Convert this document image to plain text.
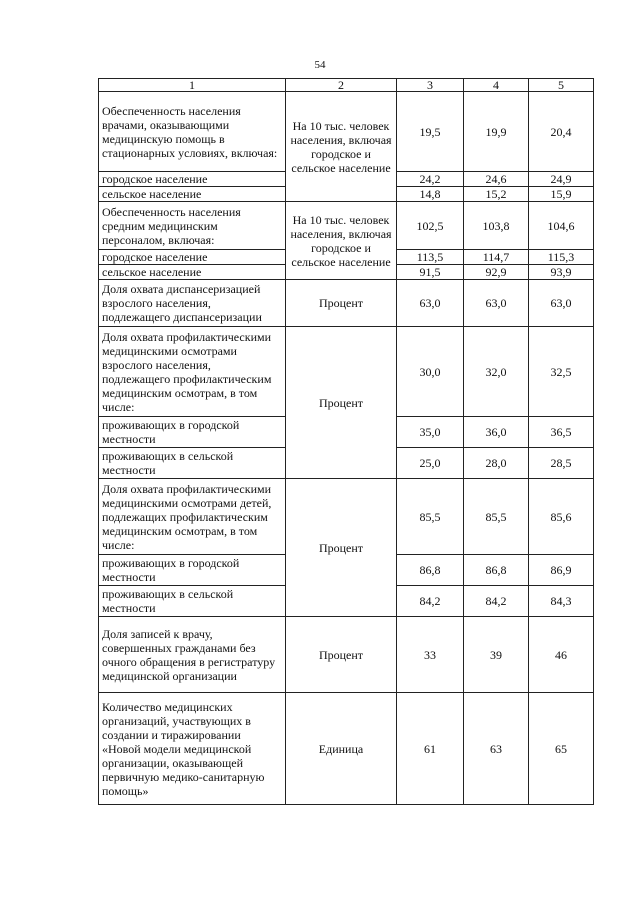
54
1	2	3	4	5
Обеспеченность населения врачами, оказывающими медицинскую помощь в стационарных условиях, включая:	На 10 тыс. человек населения, включая городское и сельское население	19,5	19,9	20,4
городское население		24,2	24,6	24,9
сельское население		14,8	15,2	15,9
Обеспеченность населения средним медицинским персоналом, включая:	На 10 тыс. человек населения, включая городское и сельское население	102,5	103,8	104,6
городское население		113,5	114,7	115,3
сельское население		91,5	92,9	93,9
Доля охвата диспансеризацией взрослого населения, подлежащего диспансеризации	Процент	63,0	63,0	63,0
Доля охвата профилактическими медицинскими осмотрами взрослого населения, подлежащего профилактическим медицинским осмотрам, в том числе:	Процент	30,0	32,0	32,5
проживающих в городской местности		35,0	36,0	36,5
проживающих в сельской местности		25,0	28,0	28,5
Доля охвата профилактическими медицинскими осмотрами детей, подлежащих профилактическим медицинским осмотрам, в том числе:	Процент	85,5	85,5	85,6
проживающих в городской местности		86,8	86,8	86,9
проживающих в сельской местности		84,2	84,2	84,3
Доля записей к врачу, совершенных гражданами без очного обращения в регистратуру медицинской организации	Процент	33	39	46
Количество медицинских организаций, участвующих в создании и тиражировании «Новой модели медицинской организации, оказывающей первичную медико-санитарную помощь»	Единица	61	63	65
